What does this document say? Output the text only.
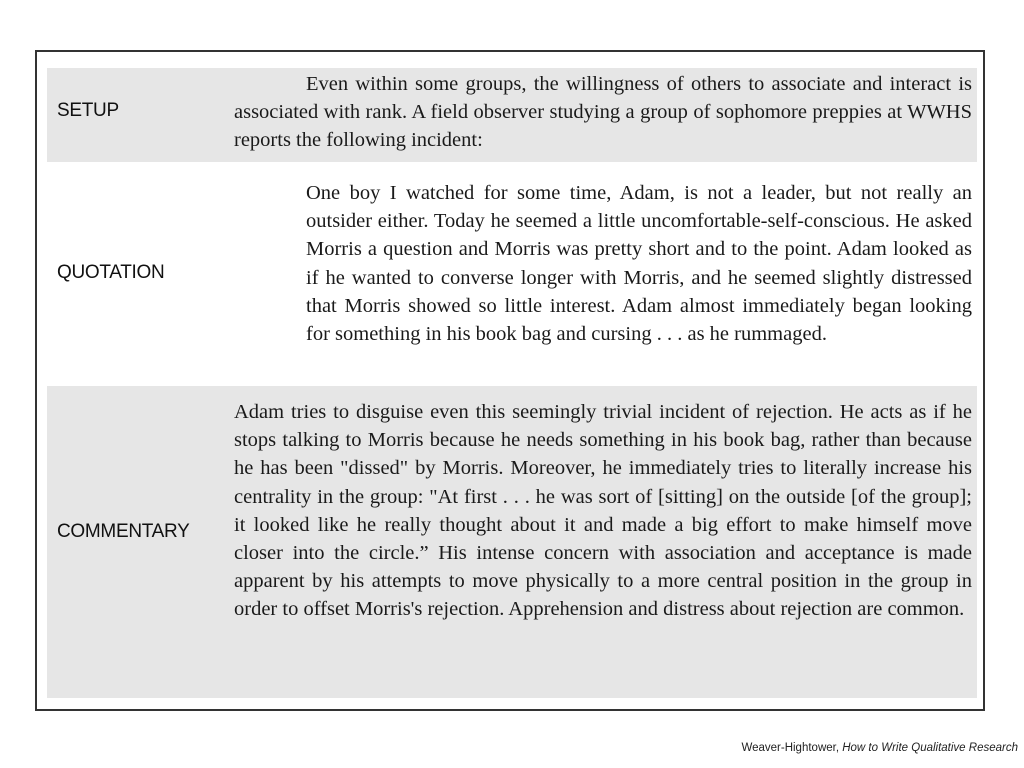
SETUP

Even within some groups, the willingness of others to associate and interact is associated with rank. A field observer studying a group of sophomore preppies at WWHS reports the following incident:

QUOTATION

One boy I watched for some time, Adam, is not a leader, but not really an outsider either. Today he seemed a little uncomfortable-self-conscious. He asked Morris a question and Morris was pretty short and to the point. Adam looked as if he wanted to converse longer with Morris, and he seemed slightly distressed that Morris showed so little interest. Adam almost immediately began looking for something in his book bag and cursing . . . as he rummaged.

COMMENTARY

Adam tries to disguise even this seemingly trivial incident of rejection. He acts as if he stops talking to Morris because he needs something in his book bag, rather than because he has been "dissed" by Morris. Moreover, he immediately tries to literally increase his centrality in the group: "At first . . . he was sort of [sitting] on the outside [of the group]; it looked like he really thought about it and made a big effort to make himself move closer into the circle.” His intense concern with association and acceptance is made apparent by his attempts to move physically to a more central position in the group in order to offset Morris's rejection. Apprehension and distress about rejection are common.

Weaver-Hightower, How to Write Qualitative Research
